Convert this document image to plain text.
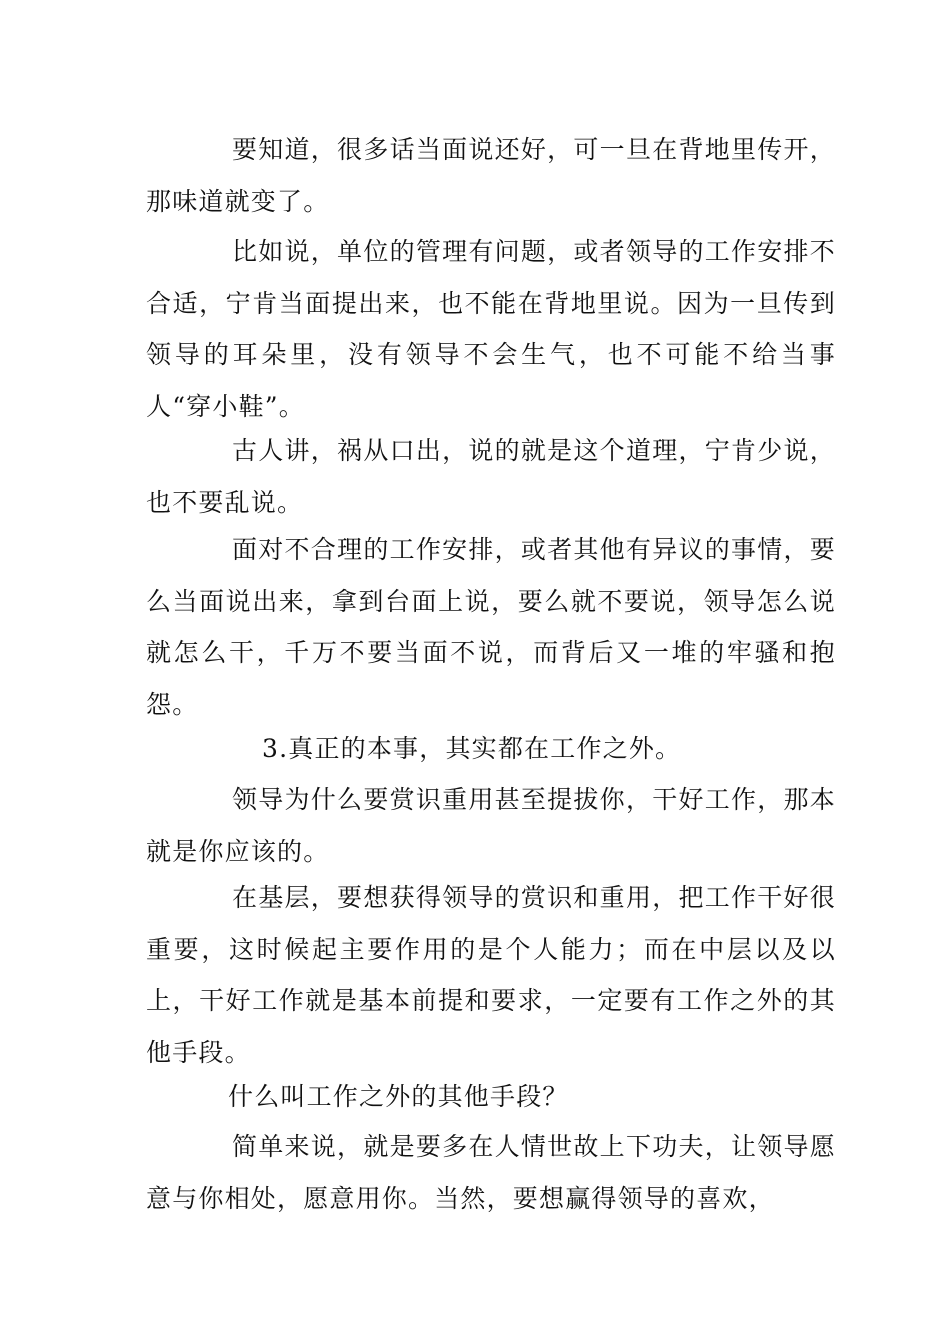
要知道，很多话当面说还好，可一旦在背地里传开，那味道就变了。

比如说，单位的管理有问题，或者领导的工作安排不合适，宁肯当面提出来，也不能在背地里说。因为一旦传到领导的耳朵里，没有领导不会生气，也不可能不给当事人“穿小鞋”。

古人讲，祸从口出，说的就是这个道理，宁肯少说，也不要乱说。

面对不合理的工作安排，或者其他有异议的事情，要么当面说出来，拿到台面上说，要么就不要说，领导怎么说就怎么干，千万不要当面不说，而背后又一堆的牢骚和抱怨。

3.真正的本事，其实都在工作之外。

领导为什么要赏识重用甚至提拔你，干好工作，那本就是你应该的。

在基层，要想获得领导的赏识和重用，把工作干好很重要，这时候起主要作用的是个人能力；而在中层以及以上，干好工作就是基本前提和要求，一定要有工作之外的其他手段。

什么叫工作之外的其他手段？

简单来说，就是要多在人情世故上下功夫，让领导愿意与你相处，愿意用你。当然，要想赢得领导的喜欢，
